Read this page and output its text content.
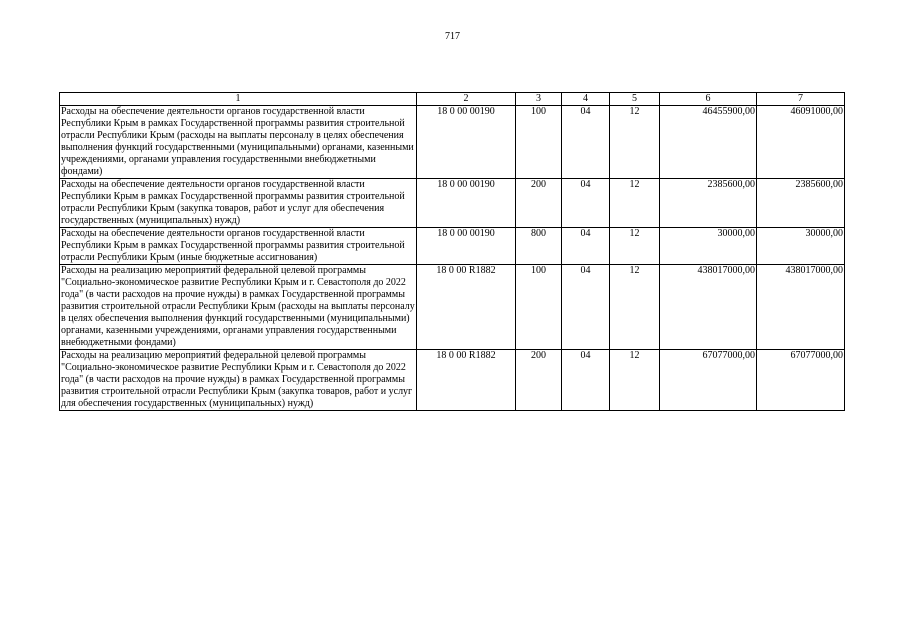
717
1	2	3	4	5	6	7
Расходы на обеспечение деятельности органов государственной власти Республики Крым в рамках Государственной программы развития строительной отрасли Республики Крым (расходы на выплаты персоналу в целях обеспечения выполнения функций государственными (муниципальными) органами, казенными учреждениями, органами управления государственными внебюджетными фондами)	18 0 00 00190	100	04	12	46455900,00	46091000,00
Расходы на обеспечение деятельности органов государственной власти Республики Крым в рамках Государственной программы развития строительной отрасли Республики Крым (закупка товаров, работ и услуг для обеспечения государственных (муниципальных) нужд)	18 0 00 00190	200	04	12	2385600,00	2385600,00
Расходы на обеспечение деятельности органов государственной власти Республики Крым в рамках Государственной программы развития строительной отрасли Республики Крым (иные бюджетные ассигнования)	18 0 00 00190	800	04	12	30000,00	30000,00
Расходы на реализацию мероприятий федеральной целевой программы "Социально-экономическое развитие Республики Крым и г. Севастополя до 2022 года" (в части расходов на прочие нужды) в рамках Государственной программы развития строительной отрасли Республики Крым (расходы на выплаты персоналу в целях обеспечения выполнения функций государственными (муниципальными) органами, казенными учреждениями, органами управления государственными внебюджетными фондами)	18 0 00 R1882	100	04	12	438017000,00	438017000,00
Расходы на реализацию мероприятий федеральной целевой программы "Социально-экономическое развитие Республики Крым и г. Севастополя до 2022 года" (в части расходов на прочие нужды) в рамках Государственной программы развития строительной отрасли Республики Крым (закупка товаров, работ и услуг для обеспечения государственных (муниципальных) нужд)	18 0 00 R1882	200	04	12	67077000,00	67077000,00
